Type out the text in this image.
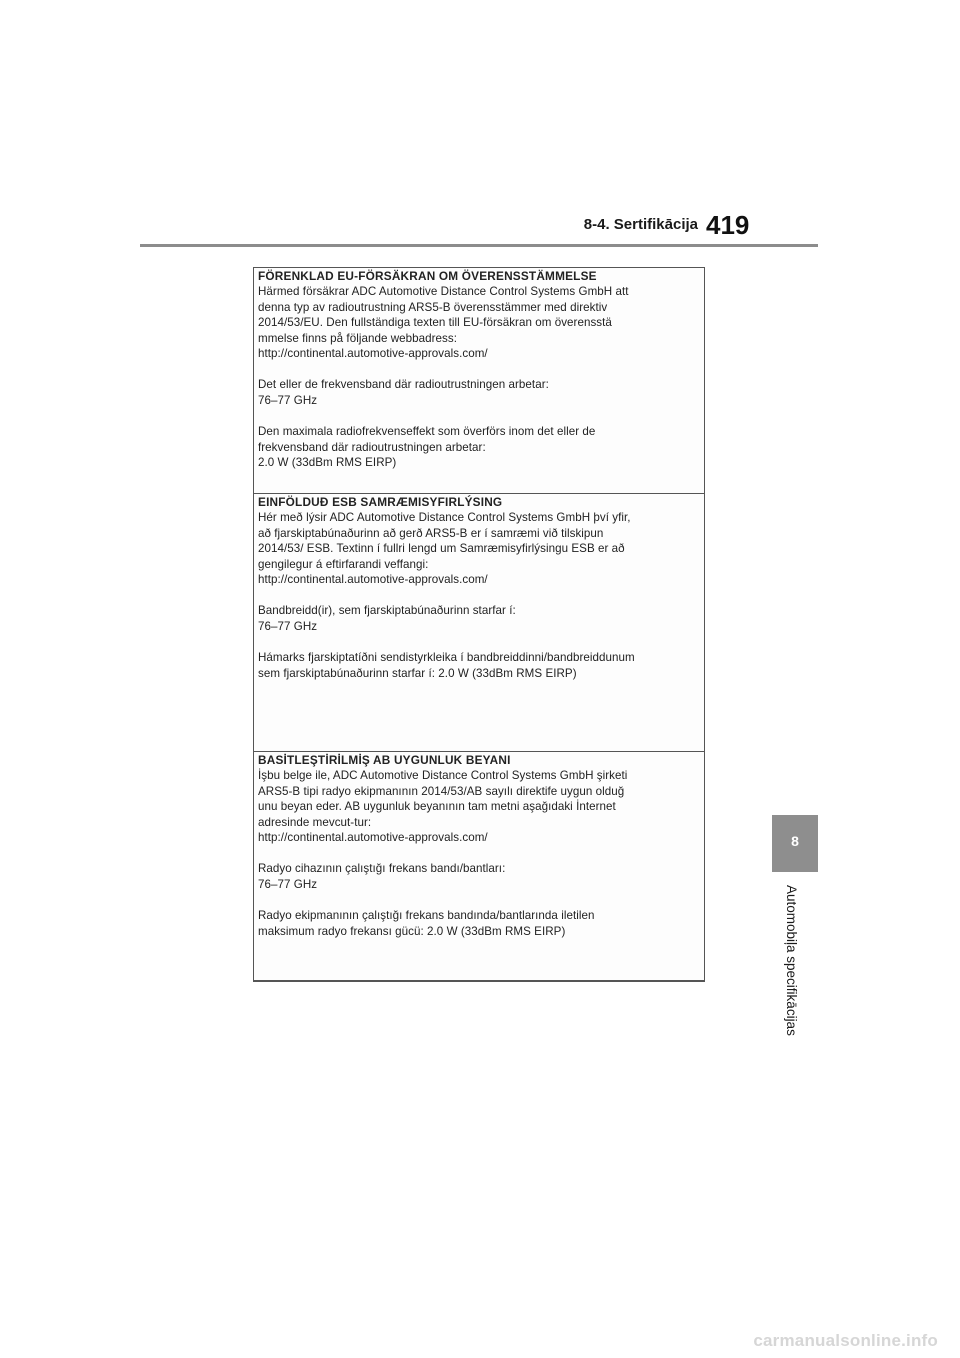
8-4. Sertifikācija 419
8
Automobiļa specifikācijas
FÖRENKLAD EU-FÖRSÄKRAN OM ÖVERENSSTÄMMELSE

Härmed försäkrar ADC Automotive Distance Control Systems GmbH att

denna typ av radioutrustning ARS5-B överensstämmer med direktiv

2014/53/EU. Den fullständiga texten till EU-försäkran om överensstä

mmelse finns på följande webbadress:

http://continental.automotive-approvals.com/

Det eller de frekvensband där radioutrustningen arbetar:

76–77 GHz

Den maximala radiofrekvenseffekt som överförs inom det eller de

frekvensband där radioutrustningen arbetar:

2.0 W (33dBm RMS EIRP)

EINFÖLDUÐ ESB SAMRÆMISYFIRLÝSING

Hér með lýsir ADC Automotive Distance Control Systems GmbH því yfir,

að fjarskiptabúnaðurinn að gerð ARS5-B er í samræmi við tilskipun

2014/53/ ESB. Textinn í fullri lengd um Samræmisyfirlýsingu ESB er að

gengilegur á eftirfarandi veffangi:

http://continental.automotive-approvals.com/

Bandbreidd(ir), sem fjarskiptabúnaðurinn starfar í:

76–77 GHz

Hámarks fjarskiptatíðni sendistyrkleika í bandbreiddinni/bandbreiddunum

sem fjarskiptabúnaðurinn starfar í: 2.0 W (33dBm RMS EIRP)

BASİTLEŞTİRİLMİŞ AB UYGUNLUK BEYANI

İşbu belge ile, ADC Automotive Distance Control Systems GmbH şirketi

ARS5-B tipi radyo ekipmanının 2014/53/AB sayılı direktife uygun olduğ

unu beyan eder. AB uygunluk beyanının tam metni aşağıdaki İnternet

adresinde mevcut-tur:

http://continental.automotive-approvals.com/

Radyo cihazının çalıştığı frekans bandı/bantları:

76–77 GHz

Radyo ekipmanının çalıştığı frekans bandında/bantlarında iletilen

maksimum radyo frekansı gücü: 2.0 W (33dBm RMS EIRP)

carmanualsonline.info
